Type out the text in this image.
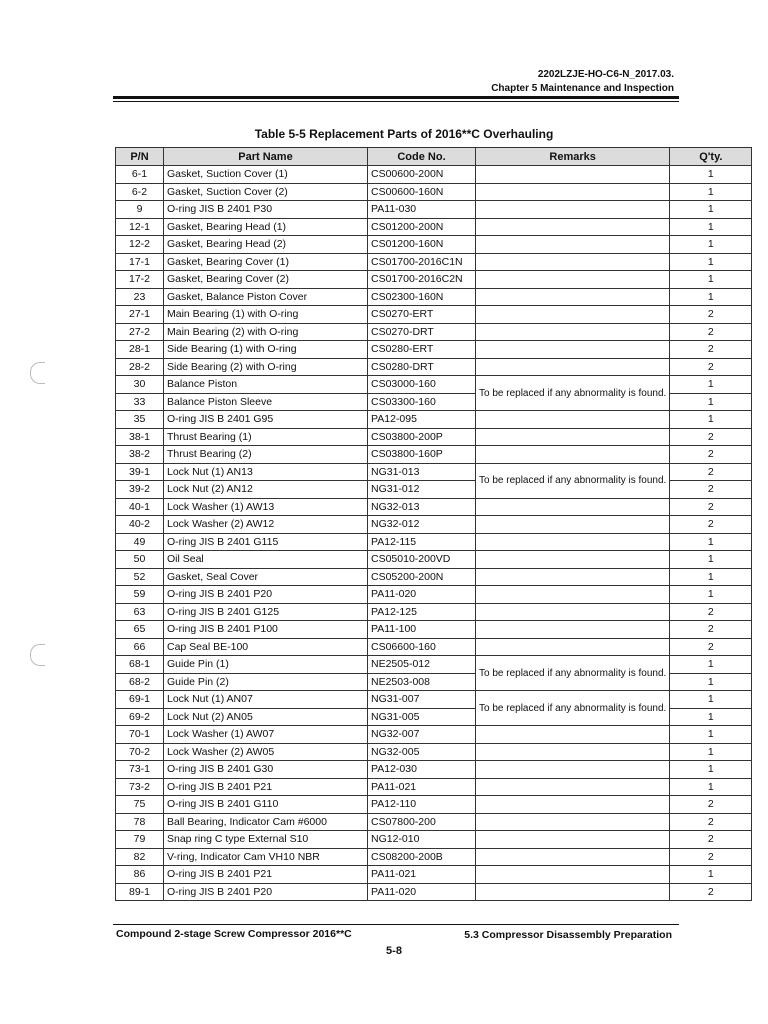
2202LZJE-HO-C6-N_2017.03.
Chapter 5 Maintenance and Inspection
Table 5-5 Replacement Parts of 2016**C Overhauling
P/N	Part Name	Code No.	Remarks	Q'ty.
6-1	Gasket, Suction Cover (1)	CS00600-200N		1
6-2	Gasket, Suction Cover (2)	CS00600-160N		1
9	O-ring JIS B 2401 P30	PA11-030		1
12-1	Gasket, Bearing Head (1)	CS01200-200N		1
12-2	Gasket, Bearing Head (2)	CS01200-160N		1
17-1	Gasket, Bearing Cover (1)	CS01700-2016C1N		1
17-2	Gasket, Bearing Cover (2)	CS01700-2016C2N		1
23	Gasket, Balance Piston Cover	CS02300-160N		1
27-1	Main Bearing (1) with O-ring	CS0270-ERT		2
27-2	Main Bearing (2) with O-ring	CS0270-DRT		2
28-1	Side Bearing (1) with O-ring	CS0280-ERT		2
28-2	Side Bearing (2) with O-ring	CS0280-DRT		2
30	Balance Piston	CS03000-160	To be replaced if any abnormality is found.	1
33	Balance Piston Sleeve	CS03300-160		1
35	O-ring JIS B 2401 G95	PA12-095		1
38-1	Thrust Bearing (1)	CS03800-200P		2
38-2	Thrust Bearing (2)	CS03800-160P		2
39-1	Lock Nut (1) AN13	NG31-013	To be replaced if any abnormality is found.	2
39-2	Lock Nut (2) AN12	NG31-012		2
40-1	Lock Washer (1) AW13	NG32-013		2
40-2	Lock Washer (2) AW12	NG32-012		2
49	O-ring JIS B 2401 G115	PA12-115		1
50	Oil Seal	CS05010-200VD		1
52	Gasket, Seal Cover	CS05200-200N		1
59	O-ring JIS B 2401 P20	PA11-020		1
63	O-ring JIS B 2401 G125	PA12-125		2
65	O-ring JIS B 2401 P100	PA11-100		2
66	Cap Seal BE-100	CS06600-160		2
68-1	Guide Pin (1)	NE2505-012	To be replaced if any abnormality is found.	1
68-2	Guide Pin (2)	NE2503-008		1
69-1	Lock Nut (1) AN07	NG31-007	To be replaced if any abnormality is found.	1
69-2	Lock Nut (2) AN05	NG31-005		1
70-1	Lock Washer (1) AW07	NG32-007		1
70-2	Lock Washer (2) AW05	NG32-005		1
73-1	O-ring JIS B 2401 G30	PA12-030		1
73-2	O-ring JIS B 2401 P21	PA11-021		1
75	O-ring JIS B 2401 G110	PA12-110		2
78	Ball Bearing, Indicator Cam #6000	CS07800-200		2
79	Snap ring C type External S10	NG12-010		2
82	V-ring, Indicator Cam VH10 NBR	CS08200-200B		2
86	O-ring JIS B 2401 P21	PA11-021		1
89-1	O-ring JIS B 2401 P20	PA11-020		2
Compound 2-stage Screw Compressor 2016**C	5.3 Compressor Disassembly Preparation
5-8
